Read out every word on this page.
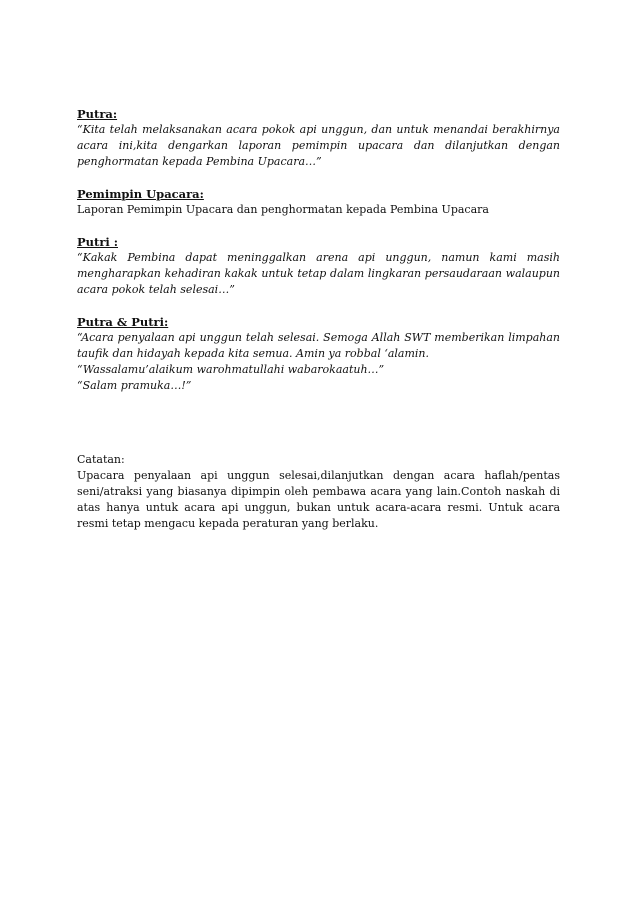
Putra:

“Kita telah melaksanakan acara pokok api unggun, dan untuk menandai berakhirnya acara ini,kita dengarkan laporan pemimpin upacara dan dilanjutkan dengan penghormatan kepada Pembina Upacara…”

Pemimpin Upacara:

Laporan Pemimpin Upacara dan penghormatan kepada Pembina Upacara

Putri :

“Kakak Pembina dapat meninggalkan arena api unggun, namun kami masih mengharapkan kehadiran kakak untuk tetap dalam lingkaran persaudaraan walaupun acara pokok telah selesai…”

Putra & Putri:

“Acara penyalaan api unggun telah selesai. Semoga Allah SWT memberikan limpahan taufik dan hidayah kepada kita semua. Amin ya robbal ‘alamin.

“Wassalamu’alaikum warohmatullahi wabarokaatuh…”

“Salam pramuka…!”

Catatan:

Upacara penyalaan api unggun selesai,dilanjutkan dengan acara haflah/pentas seni/atraksi yang biasanya dipimpin oleh pembawa acara yang lain.Contoh naskah di atas hanya untuk acara api unggun, bukan untuk acara-acara resmi. Untuk acara resmi tetap mengacu kepada peraturan yang berlaku.
